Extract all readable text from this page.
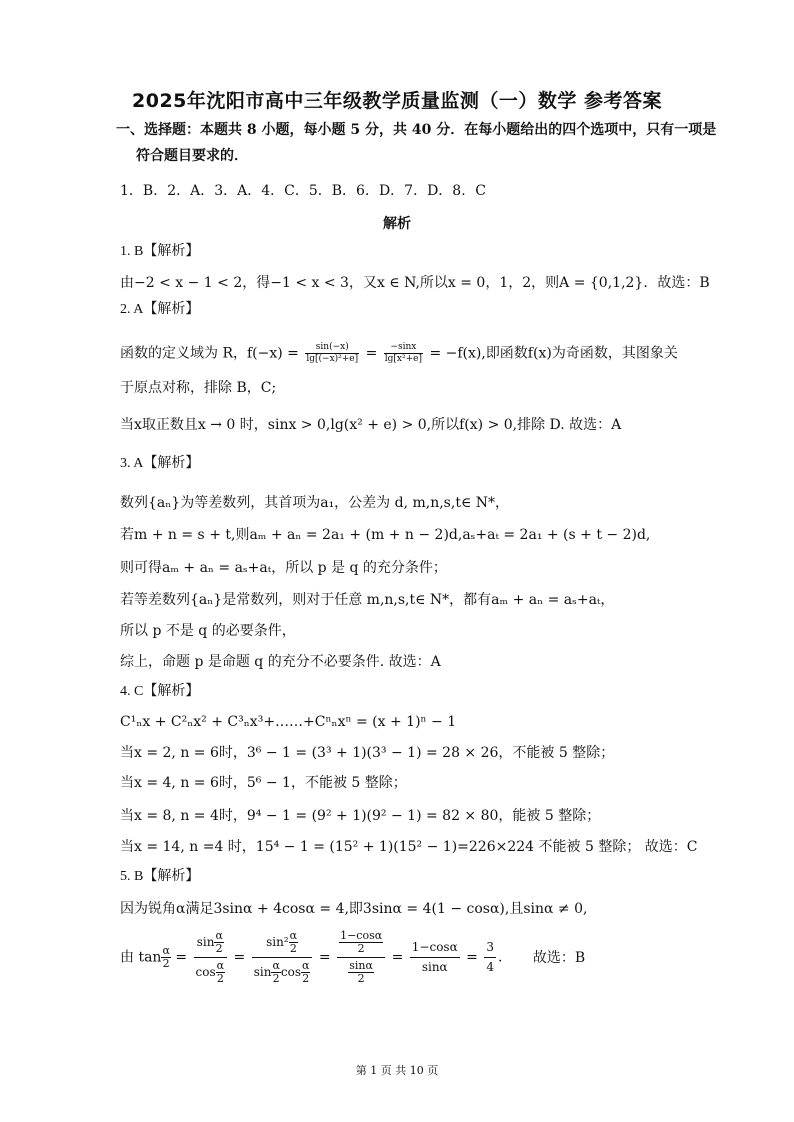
2025年沈阳市高中三年级教学质量监测（一）数学 参考答案
一、选择题：本题共 8 小题，每小题 5 分，共 40 分．在每小题给出的四个选项中，只有一项是
符合题目要求的．
1．B．2．A．3．A．4．C．5．B．6．D．7．D．8．C
解析
1. B【解析】
由−2 < x − 1 < 2，得−1 < x < 3，又x ∈ N,所以x = 0，1，2，则A = {0,1,2}．故选：B
2. A【解析】
函数的定义域为 R，$f(-x) = \frac{\sin(-x)}{\text{lg[(−x)²+e]}} = \frac{-\sin x}{\text{lg[x²+e]}} = -f(x)$,即函数f(x)为奇函数，其图象关
于原点对称，排除 B，C;
当x取正数且x → 0 时，sinx > 0,lg(x² + e) > 0,所以f(x) > 0,排除 D. 故选：A
3. A【解析】
数列{aₙ}为等差数列，其首项为a₁，公差为 d, m,n,s,t∈ N*，
若m + n = s + t,则aₘ + aₙ = 2a₁ + (m + n − 2)d,aₛ+aₜ = 2a₁ + (s + t − 2)d,
则可得aₘ + aₙ = aₛ+aₜ，所以 p 是 q 的充分条件；
若等差数列{aₙ}是常数列，则对于任意 m,n,s,t∈ N*，都有aₘ + aₙ = aₛ+aₜ，
所以 p 不是 q 的必要条件，
综上，命题 p 是命题 q 的充分不必要条件. 故选：A
4. C【解析】
C¹ₙx + C²ₙx² + C³ₙx³+……+Cⁿₙxⁿ = (x + 1)ⁿ − 1
当x = 2, n = 6时，3⁶ − 1 = (3³ + 1)(3³ − 1) = 28 × 26，不能被 5 整除；
当x = 4, n = 6时，5⁶ − 1，不能被 5 整除；
当x = 8, n = 4时，9⁴ − 1 = (9² + 1)(9² − 1) = 82 × 80，能被 5 整除；
当x = 14, n =4 时，15⁴ − 1 = (15² + 1)(15² − 1)=226×224 不能被 5 整除； 故选：C
5. B【解析】
因为锐角α满足3sinα + 4cosα = 4,即3sinα = 4(1 − cosα),且sinα ≠ 0,
由 $\tan \frac{\alpha}{2} = \frac{\sin \frac{\alpha}{2}}{\cos \frac{\alpha}{2}} = \frac{\sin^2 \frac{\alpha}{2}}{\sin \frac{\alpha}{2} \cos \frac{\alpha}{2}} = \frac{\frac{1-\cos\alpha}{2}}{\frac{\sin\alpha}{2}} = \frac{1-\cos\alpha}{\sin\alpha} = \frac{3}{4}$ . 故选：B
第 1 页 共 10 页
